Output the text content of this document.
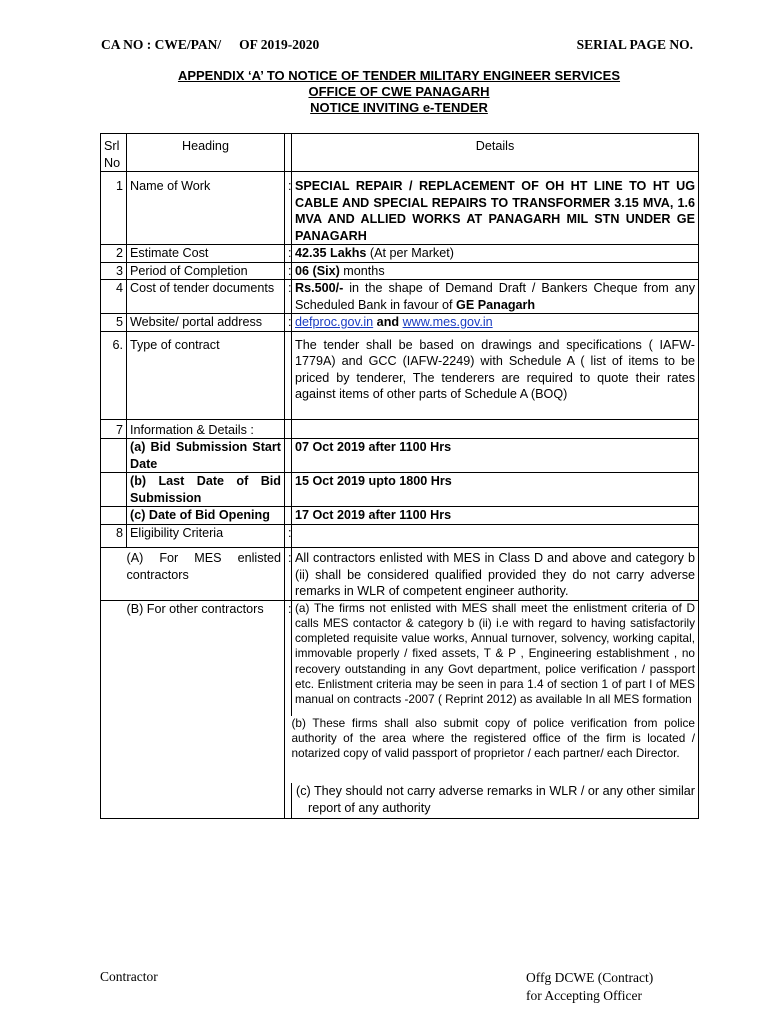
CA NO : CWE/PAN/ OF 2019-2020	SERIAL PAGE NO.
APPENDIX ‘A’ TO NOTICE OF TENDER MILITARY ENGINEER SERVICES
OFFICE OF CWE PANAGARH
NOTICE INVITING e-TENDER
Srl No	Heading		Details
1	Name of Work	:	SPECIAL REPAIR / REPLACEMENT OF OH HT LINE TO HT UG CABLE AND SPECIAL REPAIRS TO TRANSFORMER 3.15 MVA, 1.6 MVA AND ALLIED WORKS AT PANAGARH MIL STN UNDER GE PANAGARH
2	Estimate Cost	:	42.35 Lakhs (At per Market)
3	Period of Completion	:	06 (Six) months
4	Cost of tender documents	:	Rs.500/- in the shape of Demand Draft / Bankers Cheque from any Scheduled Bank in favour of GE Panagarh
5	Website/ portal address	:	defproc.gov.in and www.mes.gov.in
6.	Type of contract		The tender shall be based on drawings and specifications ( IAFW-1779A) and GCC (IAFW-2249) with Schedule A ( list of items to be priced by tenderer, The tenderers are required to quote their rates against items of other parts of Schedule A (BOQ)
7	Information & Details :		
	(a) Bid Submission Start Date		07 Oct 2019 after 1100 Hrs
	(b) Last Date of Bid Submission		15 Oct 2019 upto 1800 Hrs
	(c) Date of Bid Opening		17 Oct 2019 after 1100 Hrs
8	Eligibility Criteria	:	
	(A) For MES enlisted contractors	:	All contractors enlisted with MES in Class D and above and category b (ii) shall be considered qualified provided they do not carry adverse remarks in WLR of competent engineer authority.
	(B) For other contractors	:	(a) The firms not enlisted with MES shall meet the enlistment criteria of D calls MES contactor & category b (ii) i.e with regard to having satisfactorily completed requisite value works, Annual turnover, solvency, working capital, immovable properly / fixed assets, T & P , Engineering establishment , no recovery outstanding in any Govt department, police verification / passport etc. Enlistment criteria may be seen in para 1.4 of section 1 of part I of MES manual on contracts -2007 ( Reprint 2012) as available In all MES formation
			(b) These firms shall also submit copy of police verification from police authority of the area where the registered office of the firm is located / notarized copy of valid passport of proprietor / each partner/ each Director.
			(c) They should not carry adverse remarks in WLR / or any other similar report of any authority
Contractor	Offg DCWE (Contract)
for Accepting Officer
